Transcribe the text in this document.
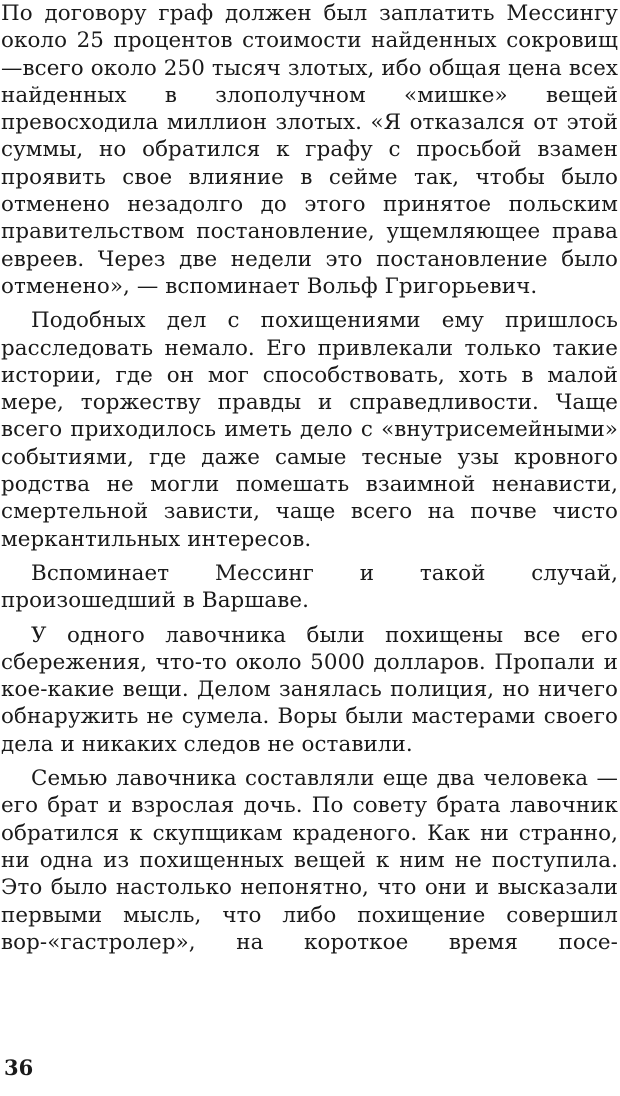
По договору граф должен был заплатить Мессингу около 25 процентов стоимости найденных сокровищ —всего около 250 тысяч злотых, ибо общая цена всех найденных в злополучном «мишке» вещей превосходила миллион злотых. «Я отказался от этой суммы, но обратился к графу с просьбой взамен проявить свое влияние в сейме так, чтобы было отменено незадолго до этого принятое польским правительством постановление, ущемляющее права евреев. Через две недели это постановление было отменено», — вспоминает Вольф Григорьевич.

Подобных дел с похищениями ему пришлось расследовать немало. Его привлекали только такие истории, где он мог способствовать, хоть в малой мере, торжеству правды и справедливости. Чаще всего приходилось иметь дело с «внутрисемейными» событиями, где даже самые тесные узы кровного родства не могли помешать взаимной ненависти, смертельной зависти, чаще всего на почве чисто меркантильных интересов.

Вспоминает Мессинг и такой случай, произошедший в Варшаве.

У одного лавочника были похищены все его сбережения, что-то около 5000 долларов. Пропали и кое-какие вещи. Делом занялась полиция, но ничего обнаружить не сумела. Воры были мастерами своего дела и никаких следов не оставили.

Семью лавочника составляли еще два человека — его брат и взрослая дочь. По совету брата лавочник обратился к скупщикам краденого. Как ни странно, ни одна из похищенных вещей к ним не поступила. Это было настолько непонятно, что они и высказали первыми мысль, что либо похищение совершил вор-«гастролер», на короткое время посе-

36
